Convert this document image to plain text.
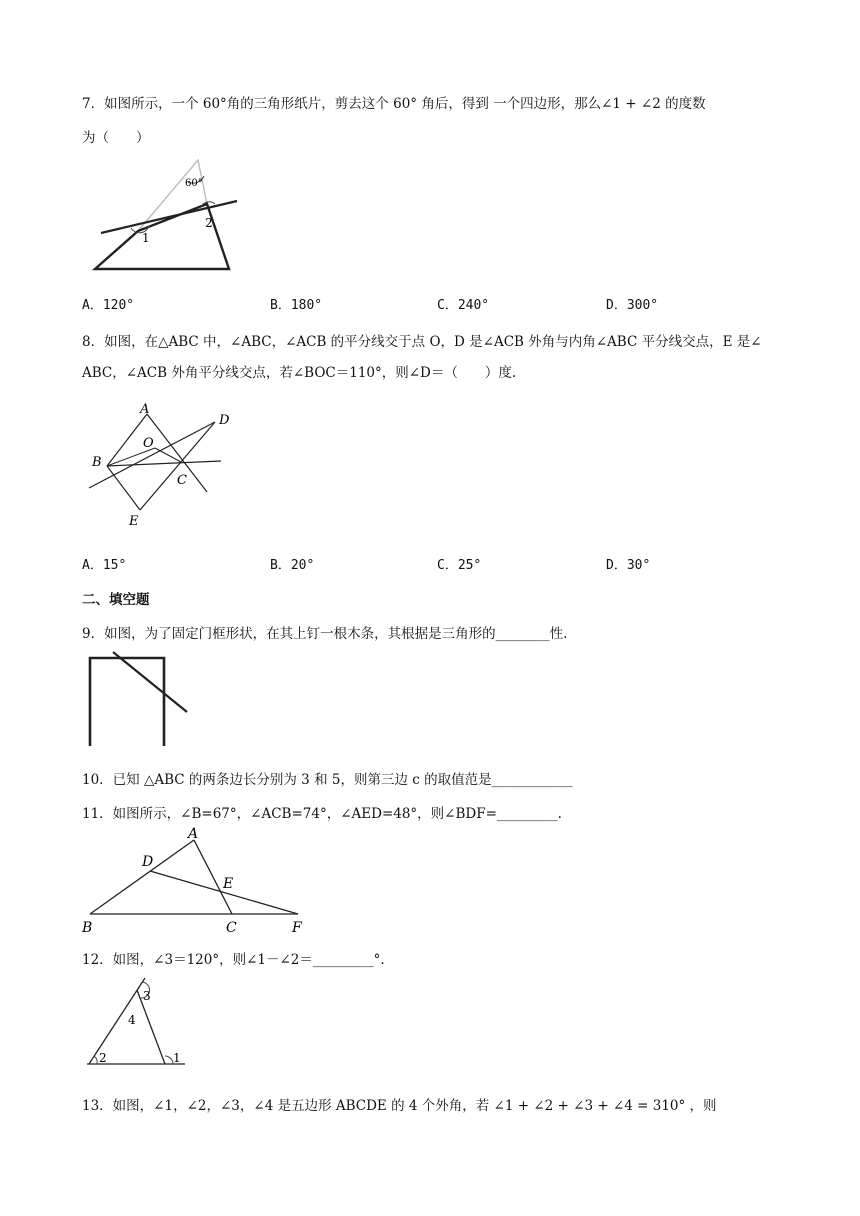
7．如图所示，一个 60°角的三角形纸片，剪去这个 60° 角后，得到 一个四边形，那么∠1 + ∠2 的度数
为（　　）
60°
1
2
A．120°	B．180°	C．240°	D．300°
8．如图，在△ABC 中，∠ABC，∠ACB 的平分线交于点 O，D 是∠ACB 外角与内角∠ABC 平分线交点，E 是∠
ABC，∠ACB 外角平分线交点，若∠BOC＝110°，则∠D＝（　　）度.
A
D
O
B
C
E
A．15°	B．20°	C．25°	D．30°
二、填空题
9．如图，为了固定门框形状，在其上钉一根木条，其根据是三角形的________性.
10．已知 △ABC 的两条边长分别为 3 和 5，则第三边 c 的取值范是____________
11．如图所示，∠B=67°，∠ACB=74°，∠AED=48°，则∠BDF=_________.
A
D
E
B	C	F
12．如图，∠3＝120°，则∠1－∠2＝_________°.
3
4
2	1
13．如图，∠1，∠2，∠3，∠4 是五边形 ABCDE 的 4 个外角，若 ∠1 + ∠2 + ∠3 + ∠4 = 310° ，则
